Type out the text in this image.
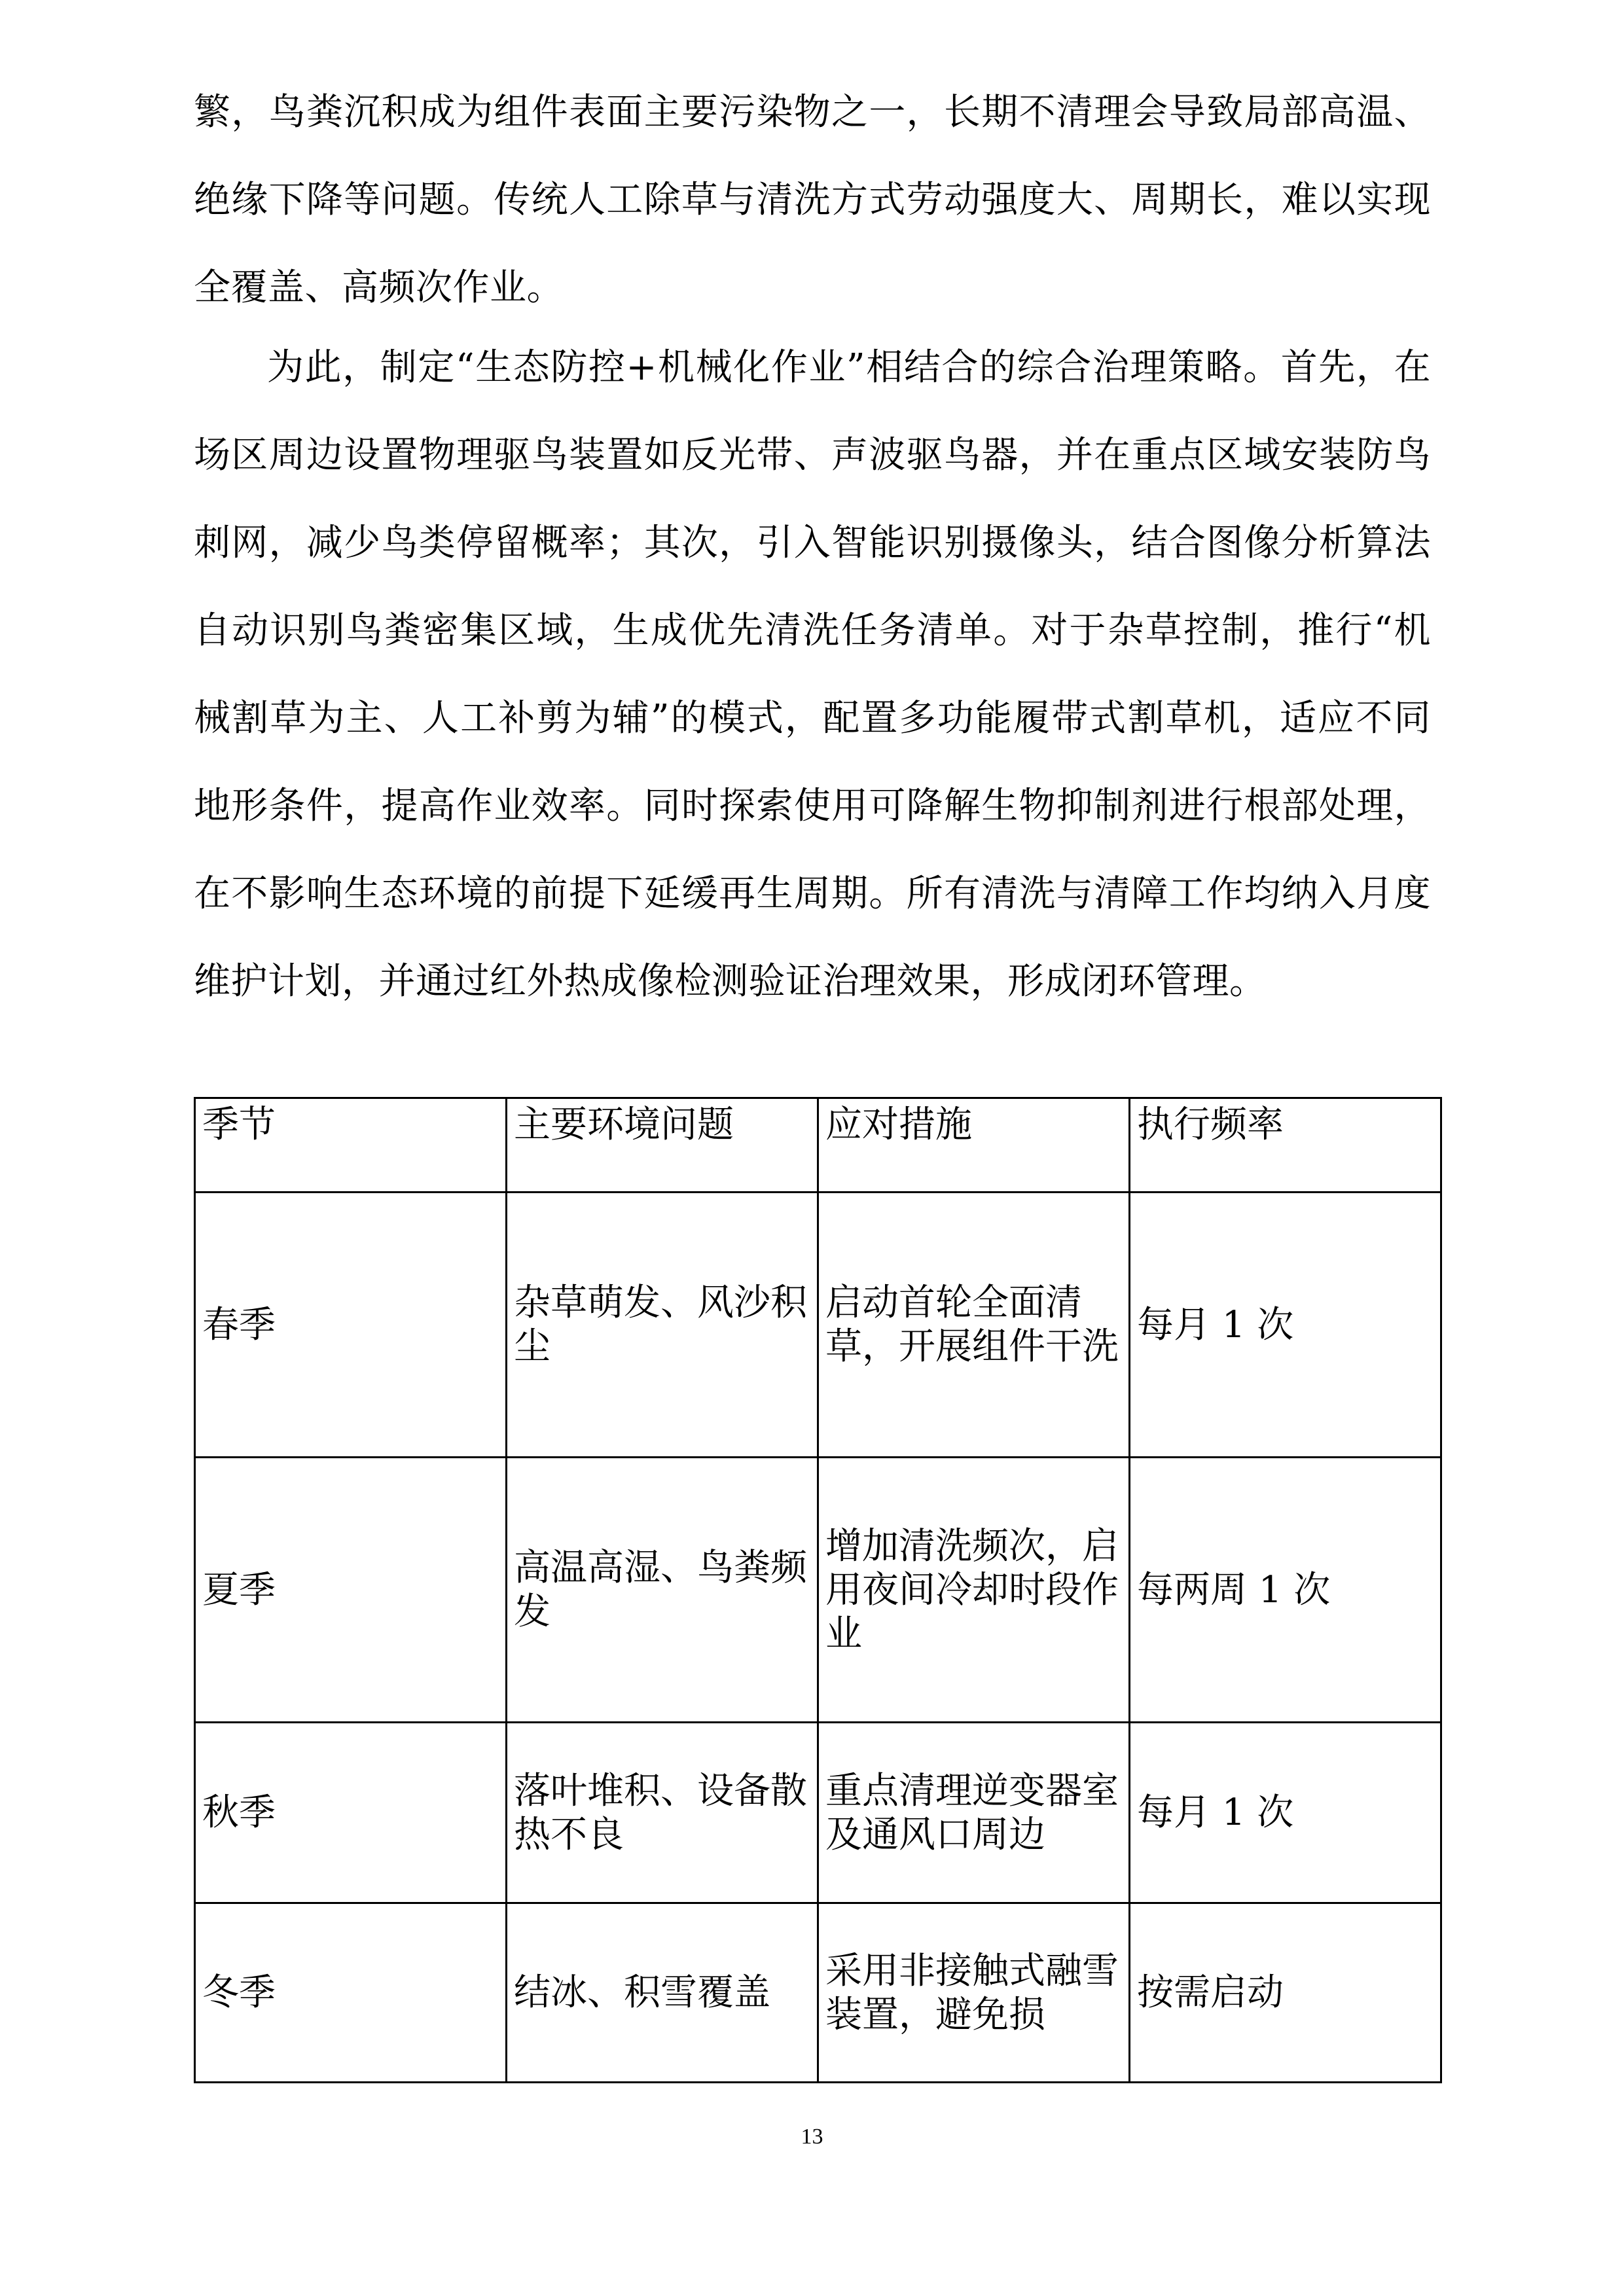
繁，鸟粪沉积成为组件表面主要污染物之一，长期不清理会导致局部高温、绝缘下降等问题。传统人工除草与清洗方式劳动强度大、周期长，难以实现全覆盖、高频次作业。

为此，制定“生态防控+机械化作业”相结合的综合治理策略。首先，在场区周边设置物理驱鸟装置如反光带、声波驱鸟器，并在重点区域安装防鸟刺网，减少鸟类停留概率；其次，引入智能识别摄像头，结合图像分析算法自动识别鸟粪密集区域，生成优先清洗任务清单。对于杂草控制，推行“机械割草为主、人工补剪为辅”的模式，配置多功能履带式割草机，适应不同地形条件，提高作业效率。同时探索使用可降解生物抑制剂进行根部处理，在不影响生态环境的前提下延缓再生周期。所有清洗与清障工作均纳入月度维护计划，并通过红外热成像检测验证治理效果，形成闭环管理。

季节	主要环境问题	应对措施	执行频率
春季	杂草萌发、风沙积尘	启动首轮全面清草，开展组件干洗	每月 1 次
夏季	高温高湿、鸟粪频发	增加清洗频次，启用夜间冷却时段作业	每两周 1 次
秋季	落叶堆积、设备散热不良	重点清理逆变器室及通风口周边	每月 1 次
冬季	结冰、积雪覆盖	采用非接触式融雪装置，避免损	按需启动
13
